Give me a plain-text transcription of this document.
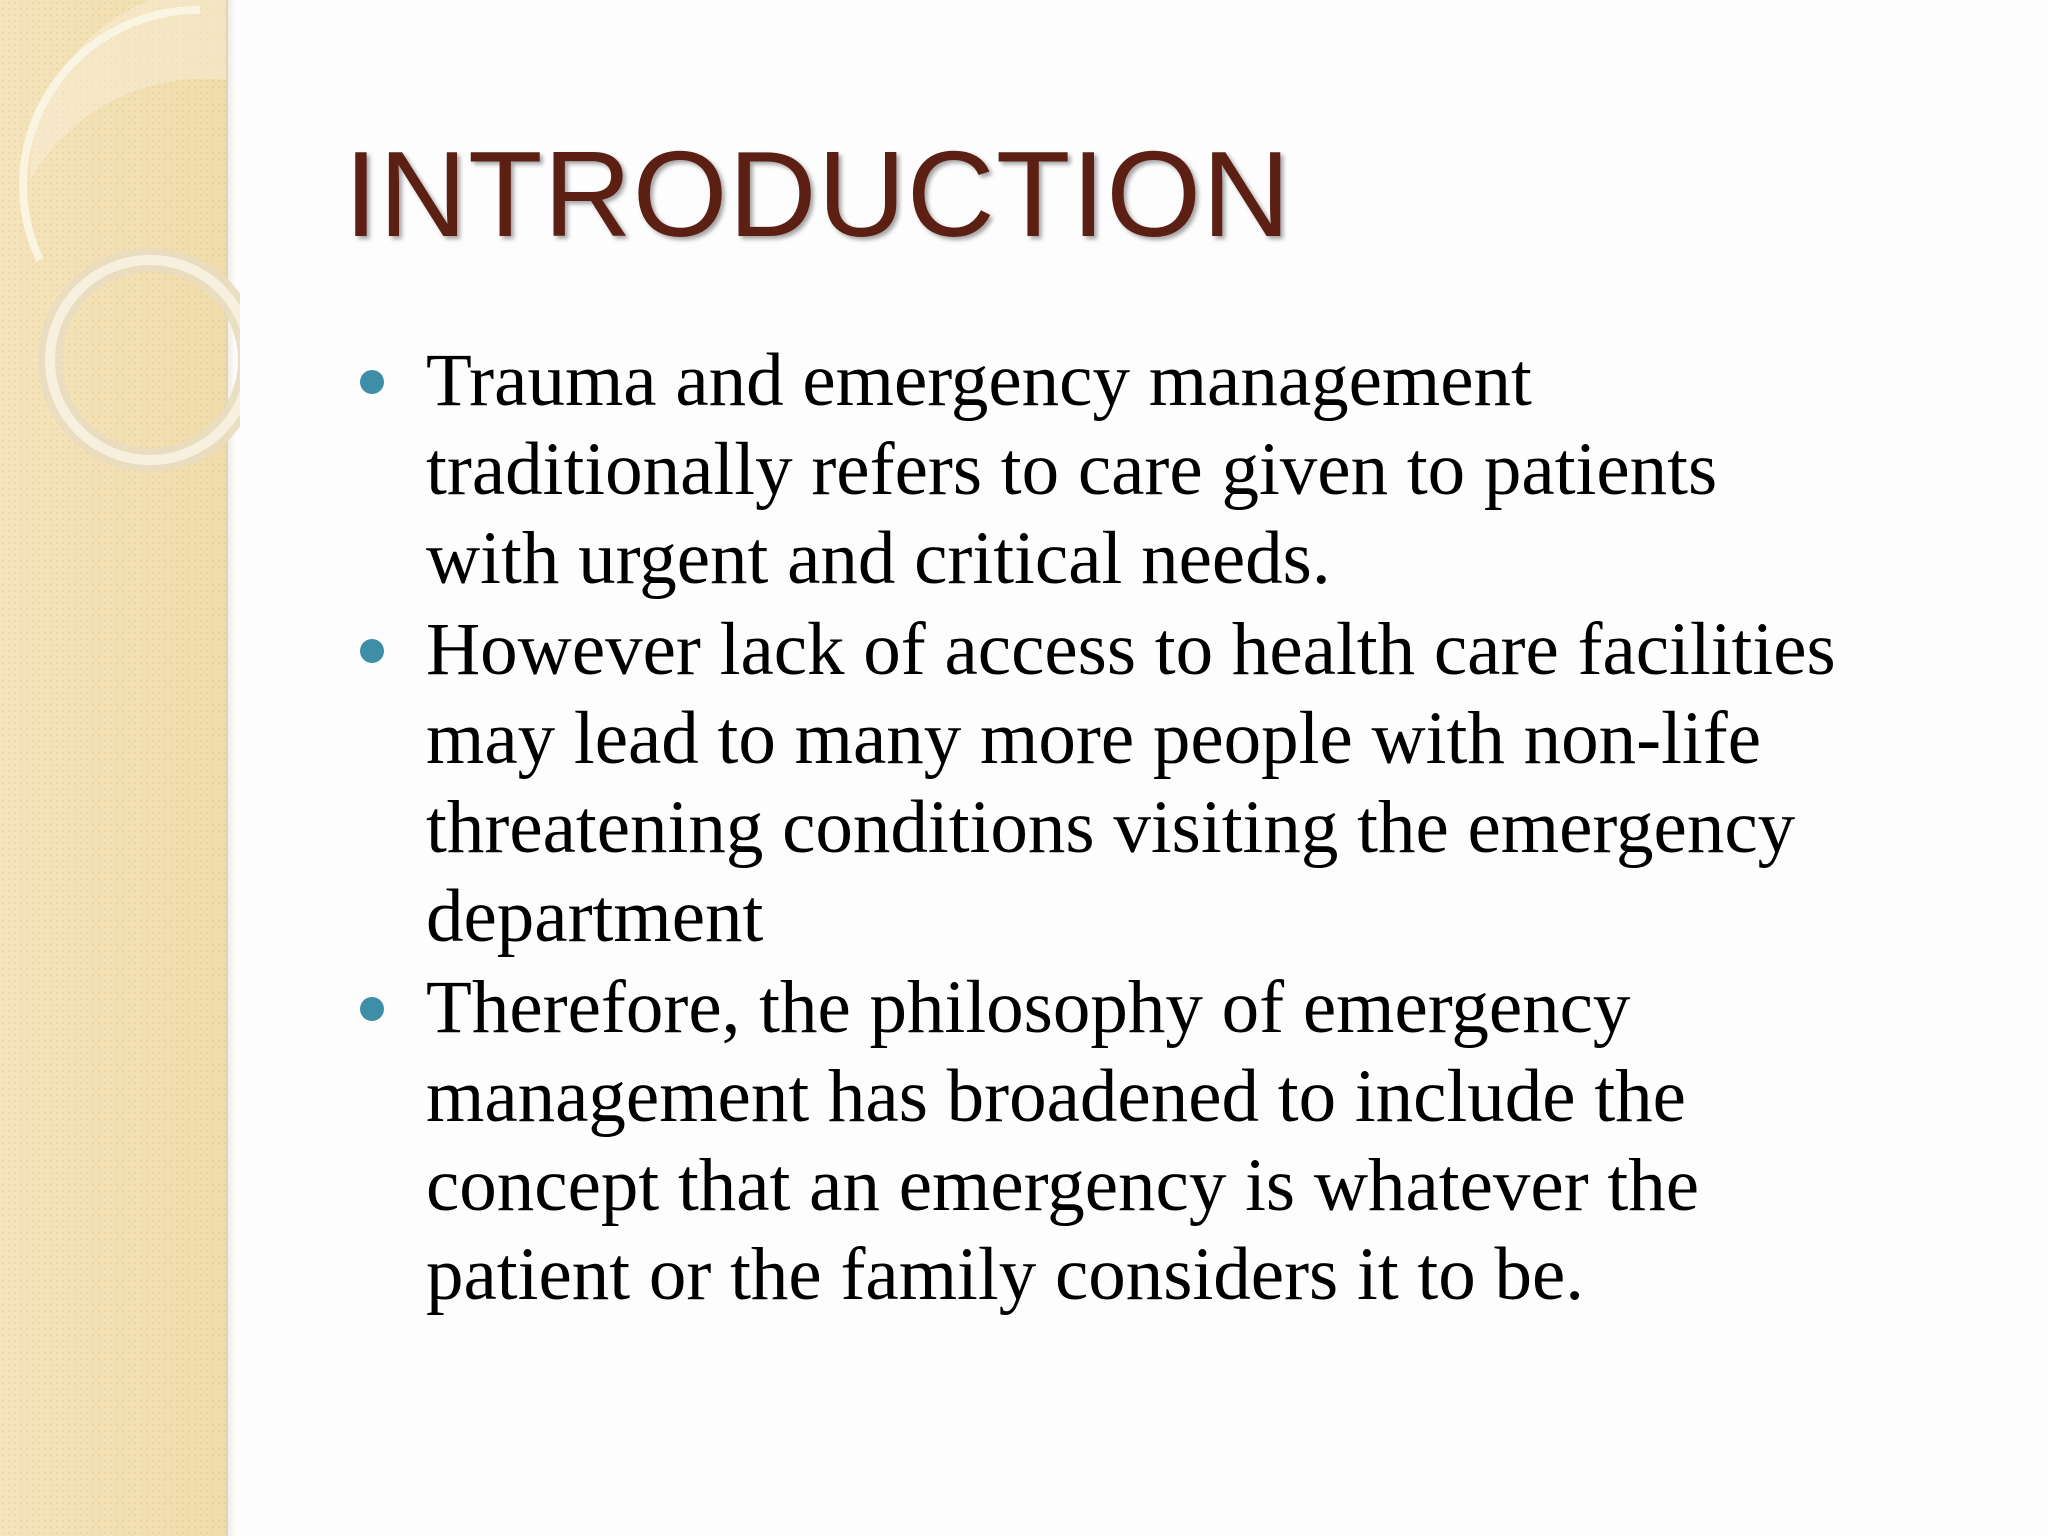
INTRODUCTION
Trauma and emergency management
traditionally refers to care given to patients
with urgent and critical needs.
However lack of access to health care facilities
may lead to many more people with non-life
threatening conditions visiting the emergency
department
Therefore, the philosophy of emergency
management has broadened to include the
concept that an emergency is whatever the
patient or the family considers it to be.
